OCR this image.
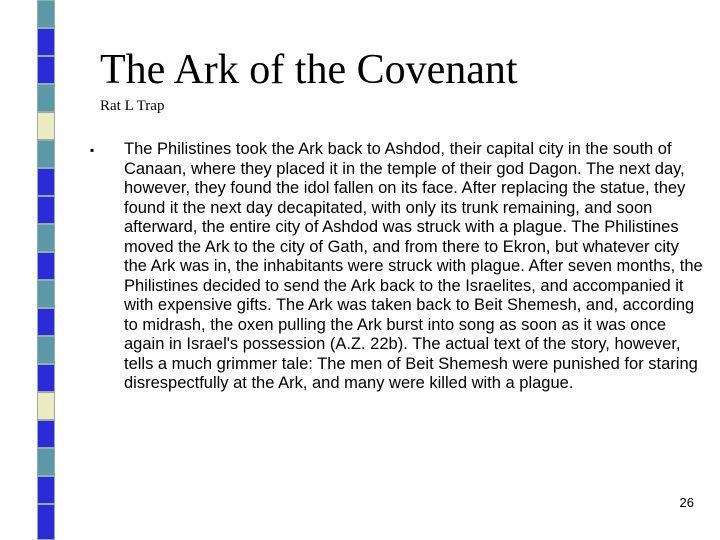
The Ark of the Covenant
Rat L Trap
▪ The Philistines took the Ark back to Ashdod, their capital city in the south of Canaan, where they placed it in the temple of their god Dagon. The next day, however, they found the idol fallen on its face. After replacing the statue, they found it the next day decapitated, with only its trunk remaining, and soon afterward, the entire city of Ashdod was struck with a plague. The Philistines moved the Ark to the city of Gath, and from there to Ekron, but whatever city the Ark was in, the inhabitants were struck with plague. After seven months, the Philistines decided to send the Ark back to the Israelites, and accompanied it with expensive gifts. The Ark was taken back to Beit Shemesh, and, according to midrash, the oxen pulling the Ark burst into song as soon as it was once again in Israel's possession (A.Z. 22b). The actual text of the story, however, tells a much grimmer tale: The men of Beit Shemesh were punished for staring disrespectfully at the Ark, and many were killed with a plague.

26
